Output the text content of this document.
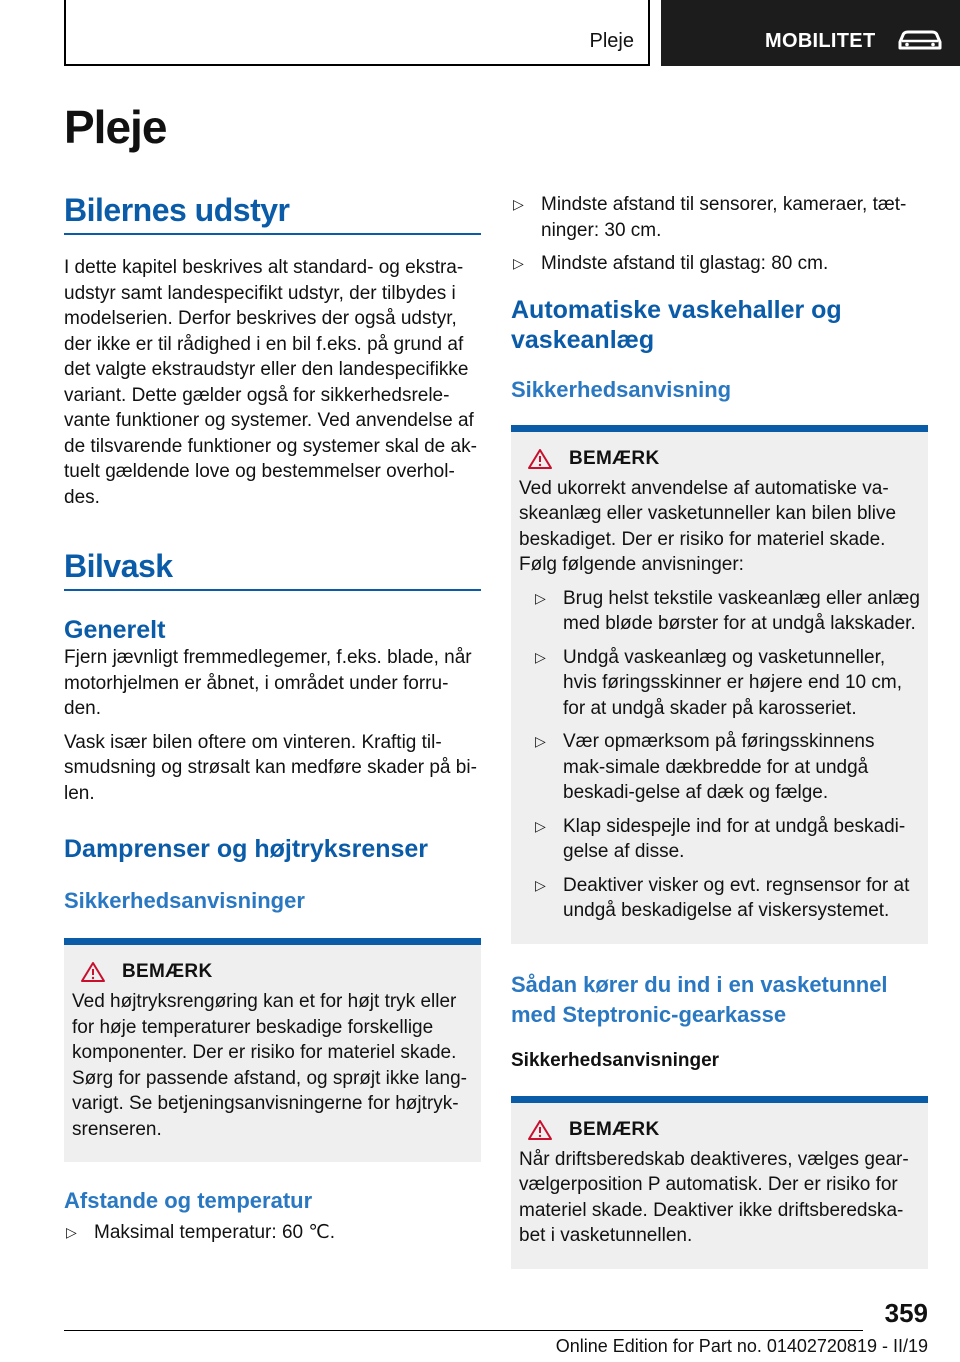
Pleje	MOBILITET
Pleje
Bilernes udstyr
I dette kapitel beskrives alt standard- og ekstra-udstyr samt landespecifikt udstyr, der tilbydes i modelserien. Derfor beskrives der også udstyr, der ikke er til rådighed i en bil f.eks. på grund af det valgte ekstraudstyr eller den landespecifikke variant. Dette gælder også for sikkerhedsrele-vante funktioner og systemer. Ved anvendelse af de tilsvarende funktioner og systemer skal de ak-tuelt gældende love og bestemmelser overhol-des.
Bilvask
Generelt
Fjern jævnligt fremmedlegemer, f.eks. blade, når motorhjelmen er åbnet, i området under forru-den.
Vask især bilen oftere om vinteren. Kraftig til-smudsning og strøsalt kan medføre skader på bi-len.
Damprenser og højtryksrenser
Sikkerhedsanvisninger
BEMÆRK
Ved højtryksrengøring kan et for højt tryk eller for høje temperaturer beskadige forskellige komponenter. Der er risiko for materiel skade. Sørg for passende afstand, og sprøjt ikke lang-varigt. Se betjeningsanvisningerne for højtryk-srenseren.
Afstande og temperatur
▷ Maksimal temperatur: 60 ℃.
▷ Mindste afstand til sensorer, kameraer, tæt-ninger: 30 cm.
▷ Mindste afstand til glastag: 80 cm.
Automatiske vaskehaller og vaskeanlæg
Sikkerhedsanvisning
BEMÆRK
Ved ukorrekt anvendelse af automatiske va-skeanlæg eller vasketunneller kan bilen blive beskadiget. Der er risiko for materiel skade. Følg følgende anvisninger:
▷ Brug helst tekstile vaskeanlæg eller anlæg med bløde børster for at undgå lakskader.
▷ Undgå vaskeanlæg og vasketunneller, hvis føringsskinner er højere end 10 cm, for at undgå skader på karosseriet.
▷ Vær opmærksom på føringsskinnens mak-simale dækbredde for at undgå beskadi-gelse af dæk og fælge.
▷ Klap sidespejle ind for at undgå beskadi-gelse af disse.
▷ Deaktiver visker og evt. regnsensor for at undgå beskadigelse af viskersystemet.
Sådan kører du ind i en vasketunnel med Steptronic-gearkasse
Sikkerhedsanvisninger
BEMÆRK
Når driftsberedskab deaktiveres, vælges gear-vælgerposition P automatisk. Der er risiko for materiel skade. Deaktiver ikke driftsberedska-bet i vasketunnellen.
359
Online Edition for Part no. 01402720819 - II/19
